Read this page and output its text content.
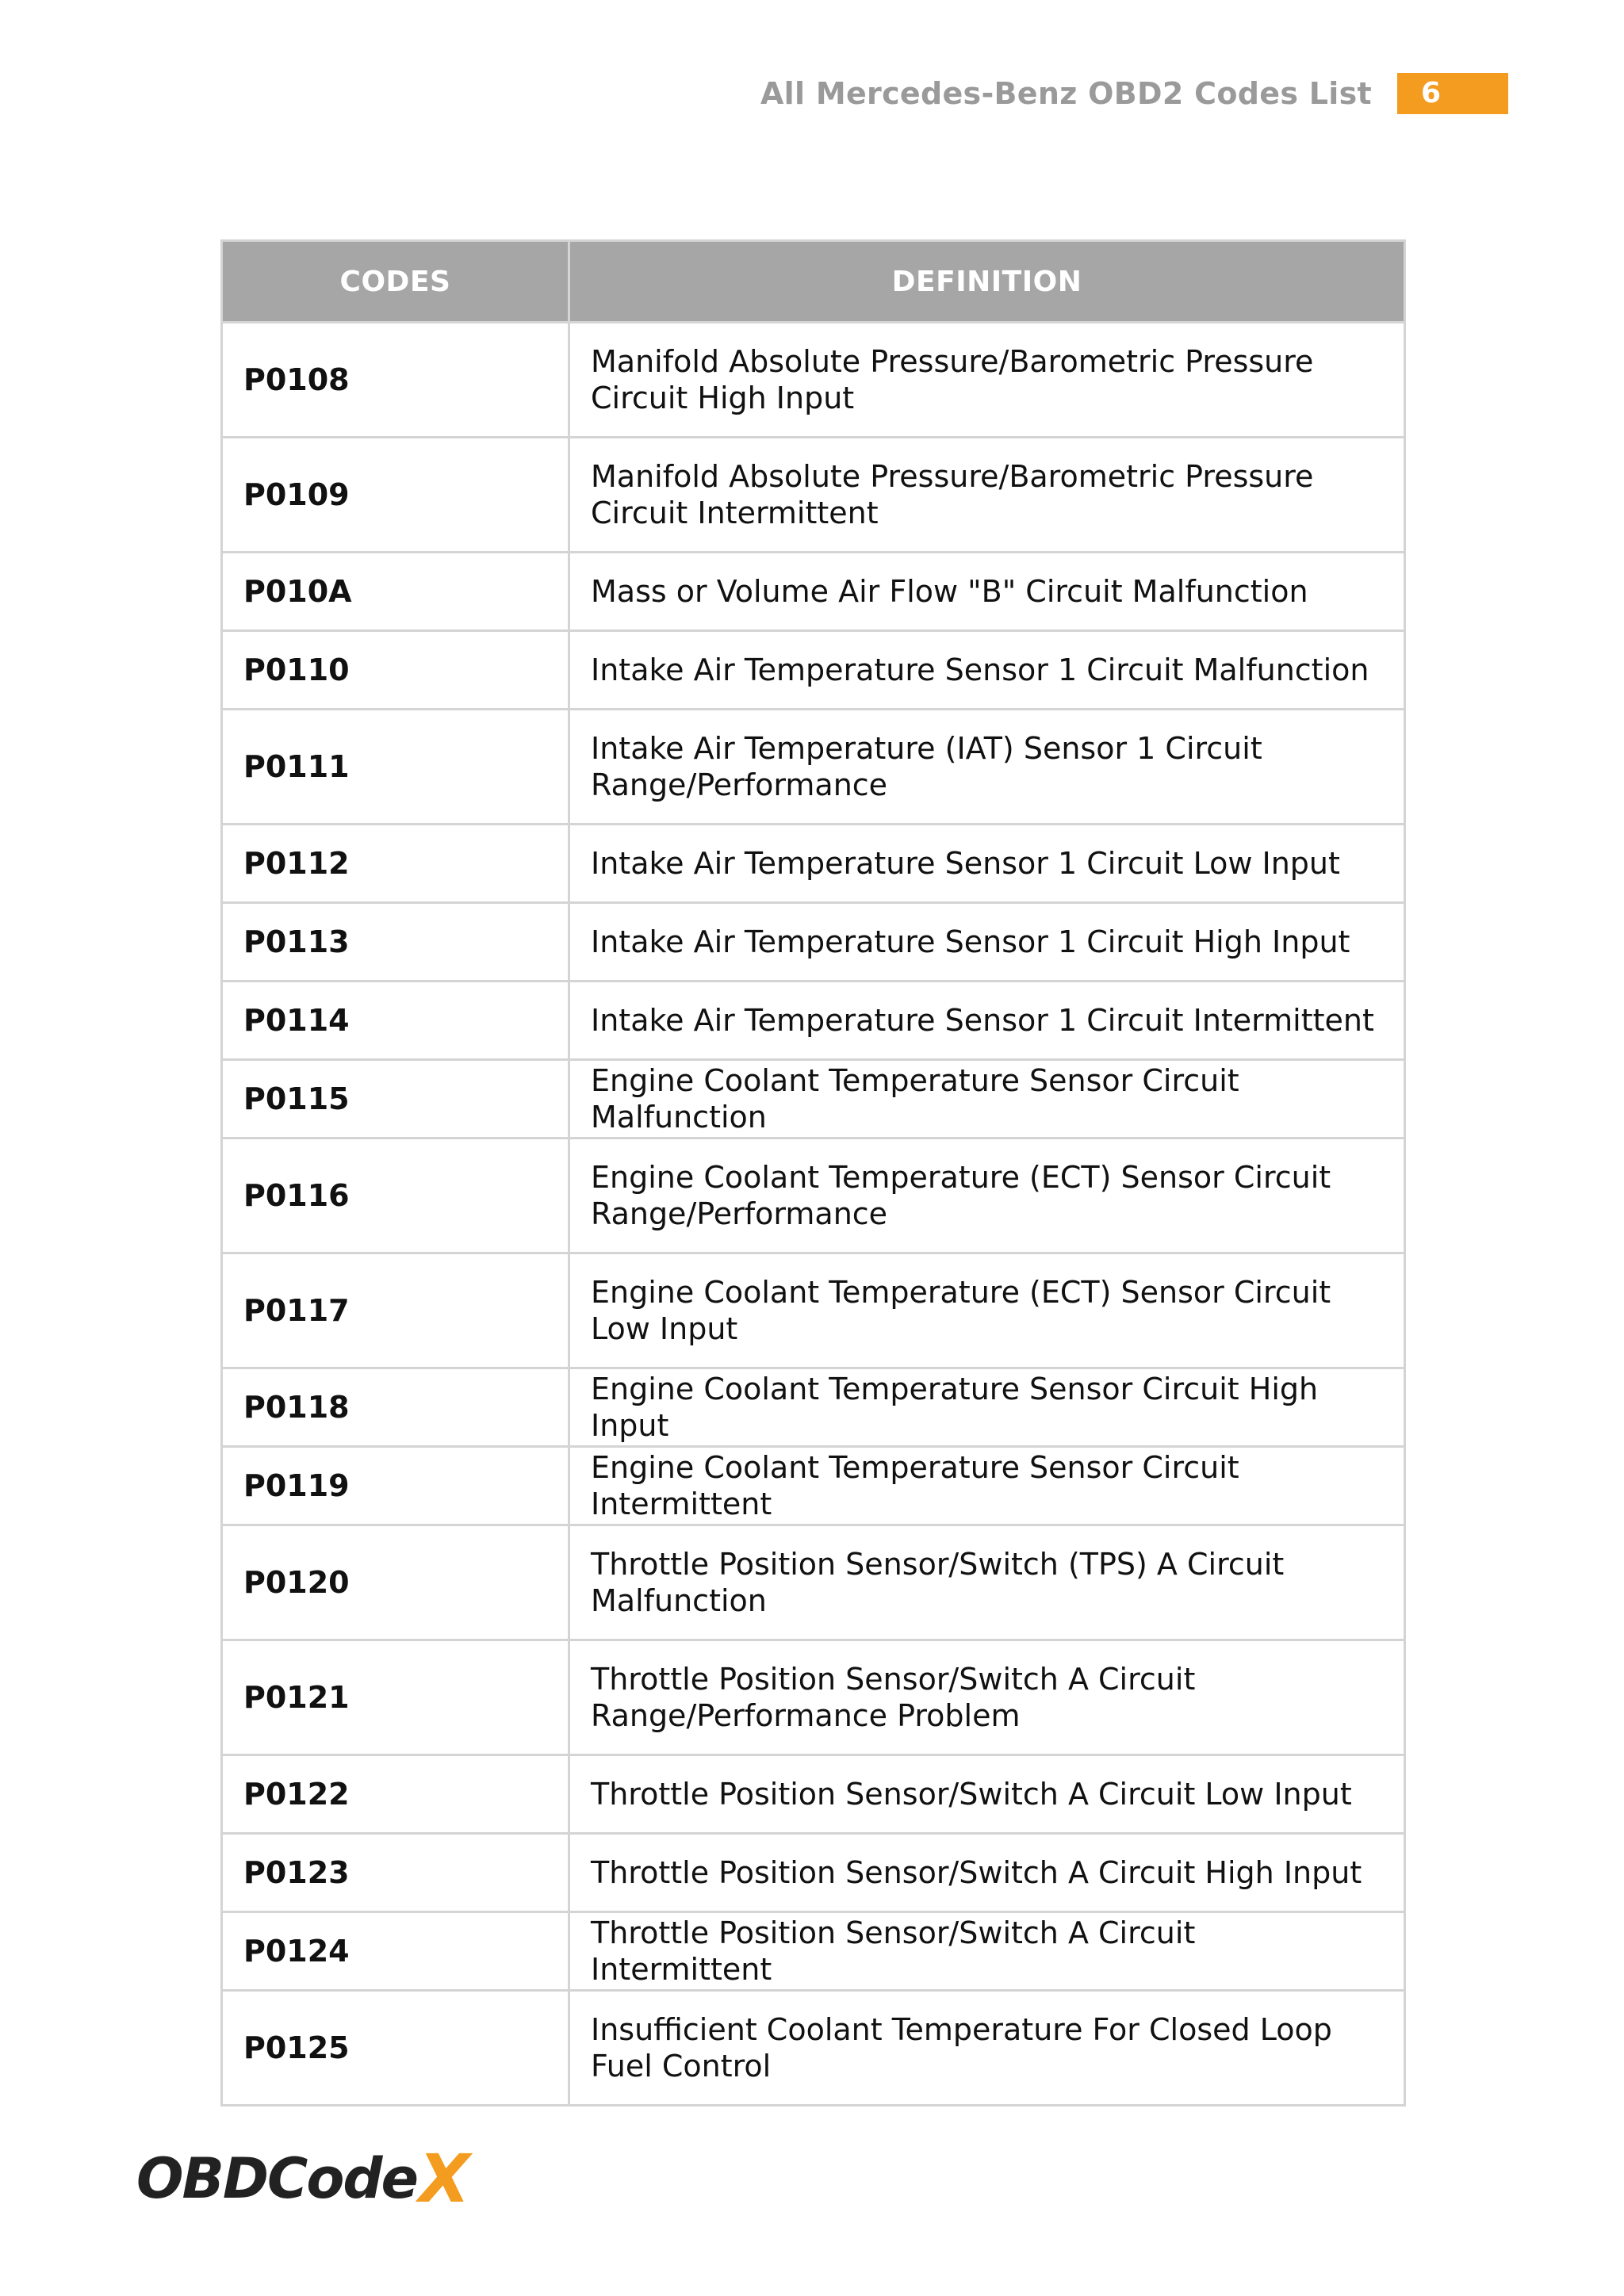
All Mercedes-Benz OBD2 Codes List	6
CODES	DEFINITION
P0108	Manifold Absolute Pressure/Barometric Pressure Circuit High Input
P0109	Manifold Absolute Pressure/Barometric Pressure Circuit Intermittent
P010A	Mass or Volume Air Flow "B" Circuit Malfunction
P0110	Intake Air Temperature Sensor 1 Circuit Malfunction
P0111	Intake Air Temperature (IAT) Sensor 1 Circuit Range/Performance
P0112	Intake Air Temperature Sensor 1 Circuit Low Input
P0113	Intake Air Temperature Sensor 1 Circuit High Input
P0114	Intake Air Temperature Sensor 1 Circuit Intermittent
P0115	Engine Coolant Temperature Sensor Circuit Malfunction
P0116	Engine Coolant Temperature (ECT) Sensor Circuit Range/Performance
P0117	Engine Coolant Temperature (ECT) Sensor Circuit Low Input
P0118	Engine Coolant Temperature Sensor Circuit High Input
P0119	Engine Coolant Temperature Sensor Circuit Intermittent
P0120	Throttle Position Sensor/Switch (TPS) A Circuit Malfunction
P0121	Throttle Position Sensor/Switch A Circuit Range/Performance Problem
P0122	Throttle Position Sensor/Switch A Circuit Low Input
P0123	Throttle Position Sensor/Switch A Circuit High Input
P0124	Throttle Position Sensor/Switch A Circuit Intermittent
P0125	Insufficient Coolant Temperature For Closed Loop Fuel Control
OBDCode X
